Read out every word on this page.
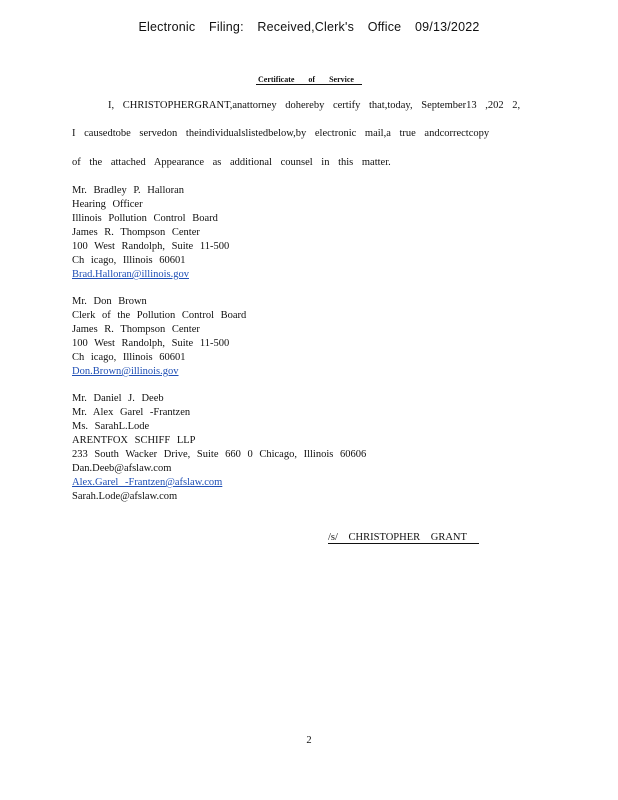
Electronic Filing: Received,Clerk's Office 09/13/2022
Certificate of Service
I, CHRISTOPHERGRANT,anattorney dohereby certify that,today, September13 ,202 2,
I causedtobe servedon theindividualslistedbelow,by electronic mail,a true andcorrectcopy
of the attached Appearance as additional counsel in this matter.
Mr. Bradley P. Halloran
Hearing Officer
Illinois Pollution Control Board
James R. Thompson Center
100 West Randolph, Suite 11-500
Ch icago, Illinois 60601
Brad.Halloran@illinois.gov
Mr. Don Brown
Clerk of the Pollution Control Board
James R. Thompson Center
100 West Randolph, Suite 11-500
Ch icago, Illinois 60601
Don.Brown@illinois.gov
Mr. Daniel J. Deeb
Mr. Alex Garel -Frantzen
Ms. SarahL.Lode
ARENTFOX SCHIFF LLP
233 South Wacker Drive, Suite 660 0 Chicago, Illinois 60606
Dan.Deeb@afslaw.com
Alex.Garel -Frantzen@afslaw.com
Sarah.Lode@afslaw.com
/s/ CHRISTOPHER GRANT
2
